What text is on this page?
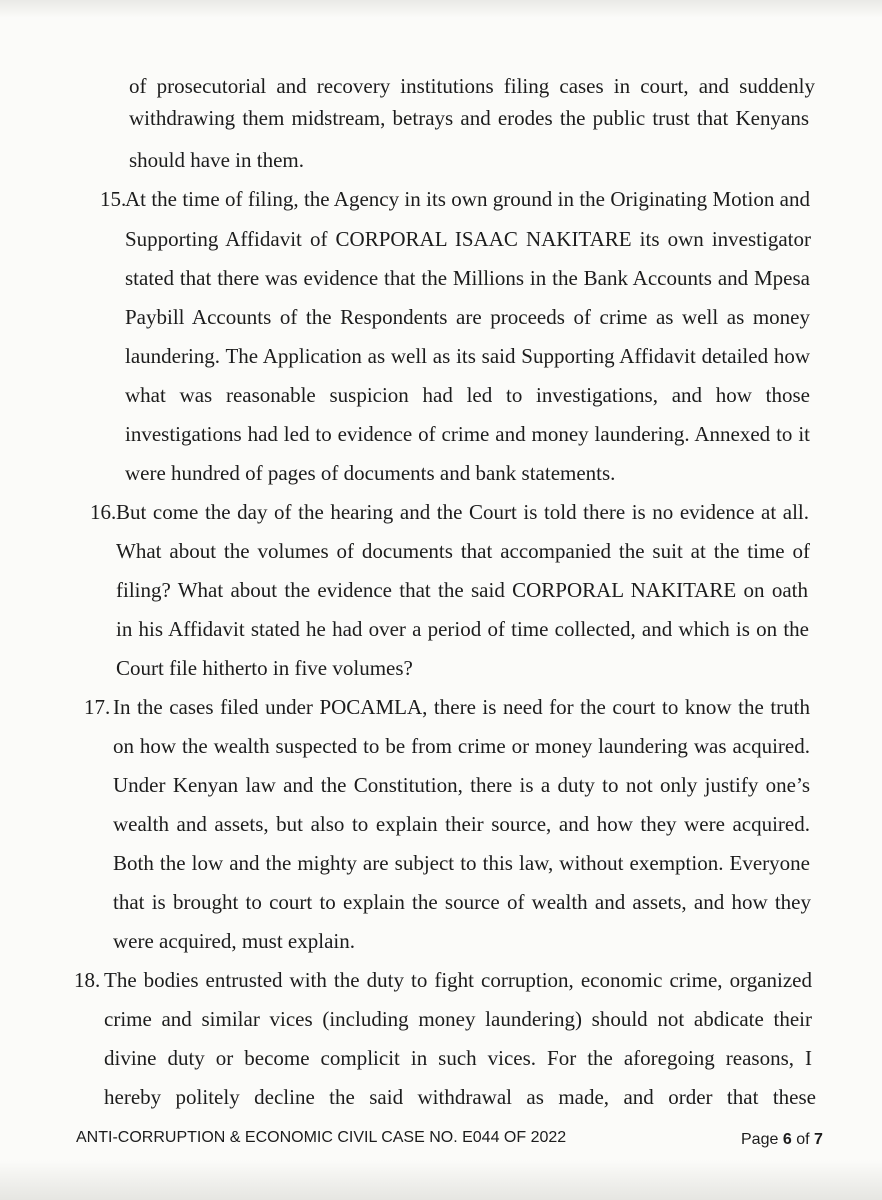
of prosecutorial and recovery institutions filing cases in court, and suddenly
withdrawing them midstream, betrays and erodes the public trust that Kenyans
should have in them.
15.
At the time of filing, the Agency in its own ground in the Originating Motion and
Supporting Affidavit of CORPORAL ISAAC NAKITARE its own investigator
stated that there was evidence that the Millions in the Bank Accounts and Mpesa
Paybill Accounts of the Respondents are proceeds of crime as well as money
laundering. The Application as well as its said Supporting Affidavit detailed how
what was reasonable suspicion had led to investigations, and how those
investigations had led to evidence of crime and money laundering. Annexed to it
were hundred of pages of documents and bank statements.
16. But come the day of the hearing and the Court is told there is no evidence at all.
What about the volumes of documents that accompanied the suit at the time of
filing? What about the evidence that the said CORPORAL NAKITARE on oath
in his Affidavit stated he had over a period of time collected, and which is on the
Court file hitherto in five volumes?
17. In the cases filed under POCAMLA, there is need for the court to know the truth
on how the wealth suspected to be from crime or money laundering was acquired.
Under Kenyan law and the Constitution, there is a duty to not only justify one’s
wealth and assets, but also to explain their source, and how they were acquired.
Both the low and the mighty are subject to this law, without exemption. Everyone
that is brought to court to explain the source of wealth and assets, and how they
were acquired, must explain.
18. The bodies entrusted with the duty to fight corruption, economic crime, organized
crime and similar vices (including money laundering) should not abdicate their
divine duty or become complicit in such vices. For the aforegoing reasons, I
hereby politely decline the said withdrawal as made, and order that these
ANTI-CORRUPTION & ECONOMIC CIVIL CASE NO. E044 OF 2022	Page 6 of 7
